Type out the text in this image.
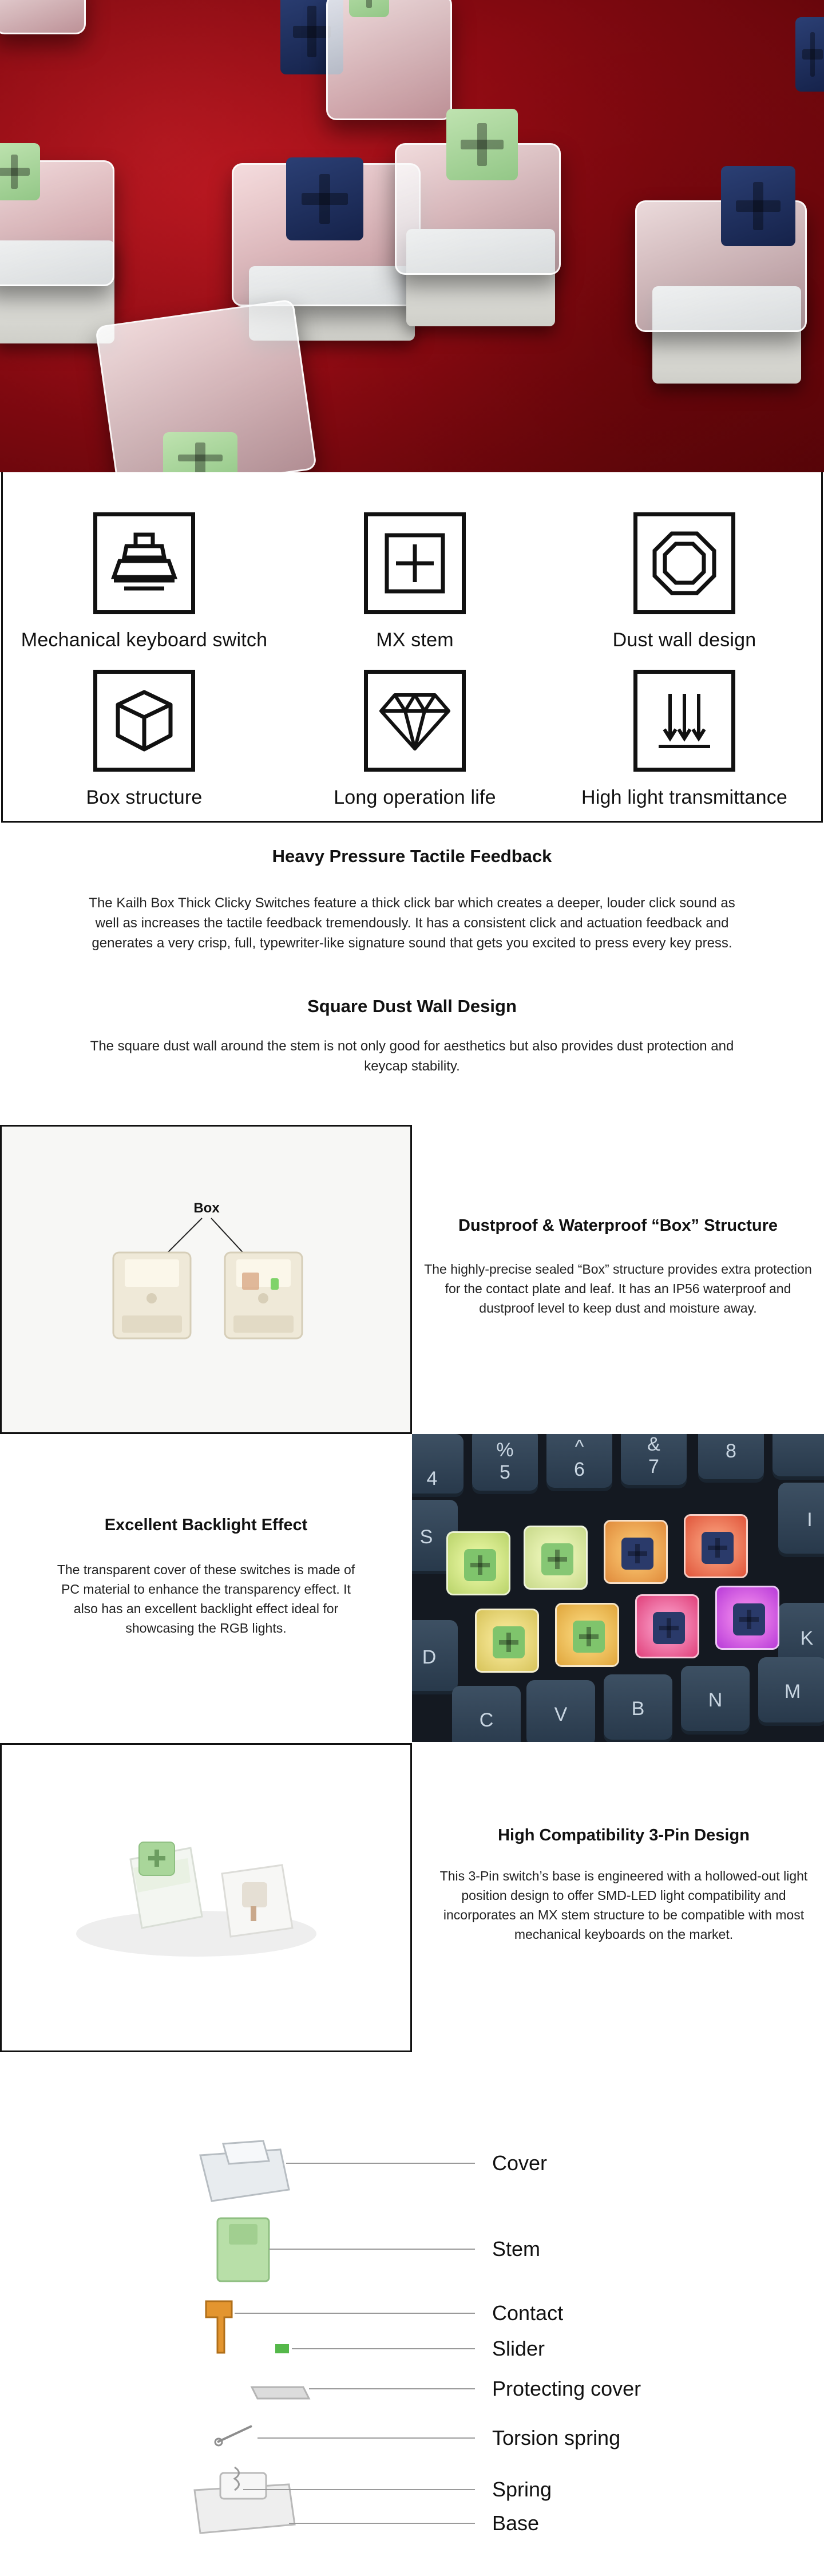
Mechanical keyboard switch	MX stem	Dust wall design
Box structure	Long operation life	High light transmittance
Heavy Pressure Tactile Feedback
The Kailh Box Thick Clicky Switches feature a thick click bar which creates a deeper, louder click sound as well as increases the tactile feedback tremendously. It has a consistent click and actuation feedback and generates a very crisp, full, typewriter-like signature sound that gets you excited to press every key press.
Square Dust Wall Design
The square dust wall around the stem is not only good for aesthetics but also provides dust protection and keycap stability.
Box
Dustproof & Waterproof “Box” Structure
The highly-precise sealed “Box” structure provides extra protection for the contact plate and leaf. It has an IP56 waterproof and dustproof level to keep dust and moisture away.
Excellent Backlight Effect
The transparent cover of these switches is made of PC material to enhance the transparency effect. It also has an excellent backlight effect ideal for showcasing the RGB lights.
4
%
5
^
6
&
7
8
S
I
D
K
C	V	B	N	M
High Compatibility 3-Pin Design
This 3-Pin switch’s base is engineered with a hollowed-out light position design to offer SMD-LED light compatibility and incorporates an MX stem structure to be compatible with most mechanical keyboards on the market.
Cover
Stem
Contact
Slider
Protecting cover
Torsion spring
Spring
Base
